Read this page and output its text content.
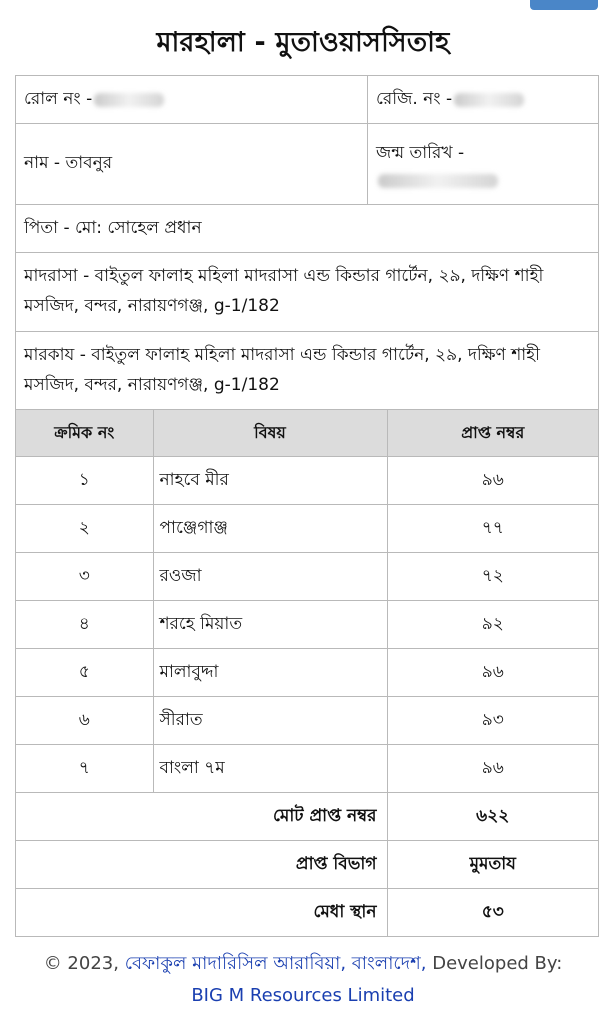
মারহালা - মুতাওয়াসসিতাহ
রোল নং -	রেজি. নং -
নাম - তাবনুর	জন্ম তারিখ -
পিতা - মো: সোহেল প্রধান
মাদরাসা - বাইতুল ফালাহ মহিলা মাদরাসা এন্ড কিন্ডার গার্টেন, ২৯, দক্ষিণ শাহী মসজিদ, বন্দর, নারায়ণগঞ্জ, g-1/182
মারকায - বাইতুল ফালাহ মহিলা মাদরাসা এন্ড কিন্ডার গার্টেন, ২৯, দক্ষিণ শাহী মসজিদ, বন্দর, নারায়ণগঞ্জ, g-1/182
ক্রমিক নং	বিষয়	প্রাপ্ত নম্বর
১	নাহবে মীর	৯৬
২	পাঞ্জেগাঞ্জ	৭৭
৩	রওজা	৭২
৪	শরহে মিয়াত	৯২
৫	মালাবুদ্দা	৯৬
৬	সীরাত	৯৩
৭	বাংলা ৭ম	৯৬
মোট প্রাপ্ত নম্বর		৬২২
প্রাপ্ত বিভাগ		মুমতায
মেধা স্থান		৫৩
© 2023, বেফাকুল মাদারিসিল আরাবিয়া, বাংলাদেশ, Developed By:
BIG M Resources Limited
